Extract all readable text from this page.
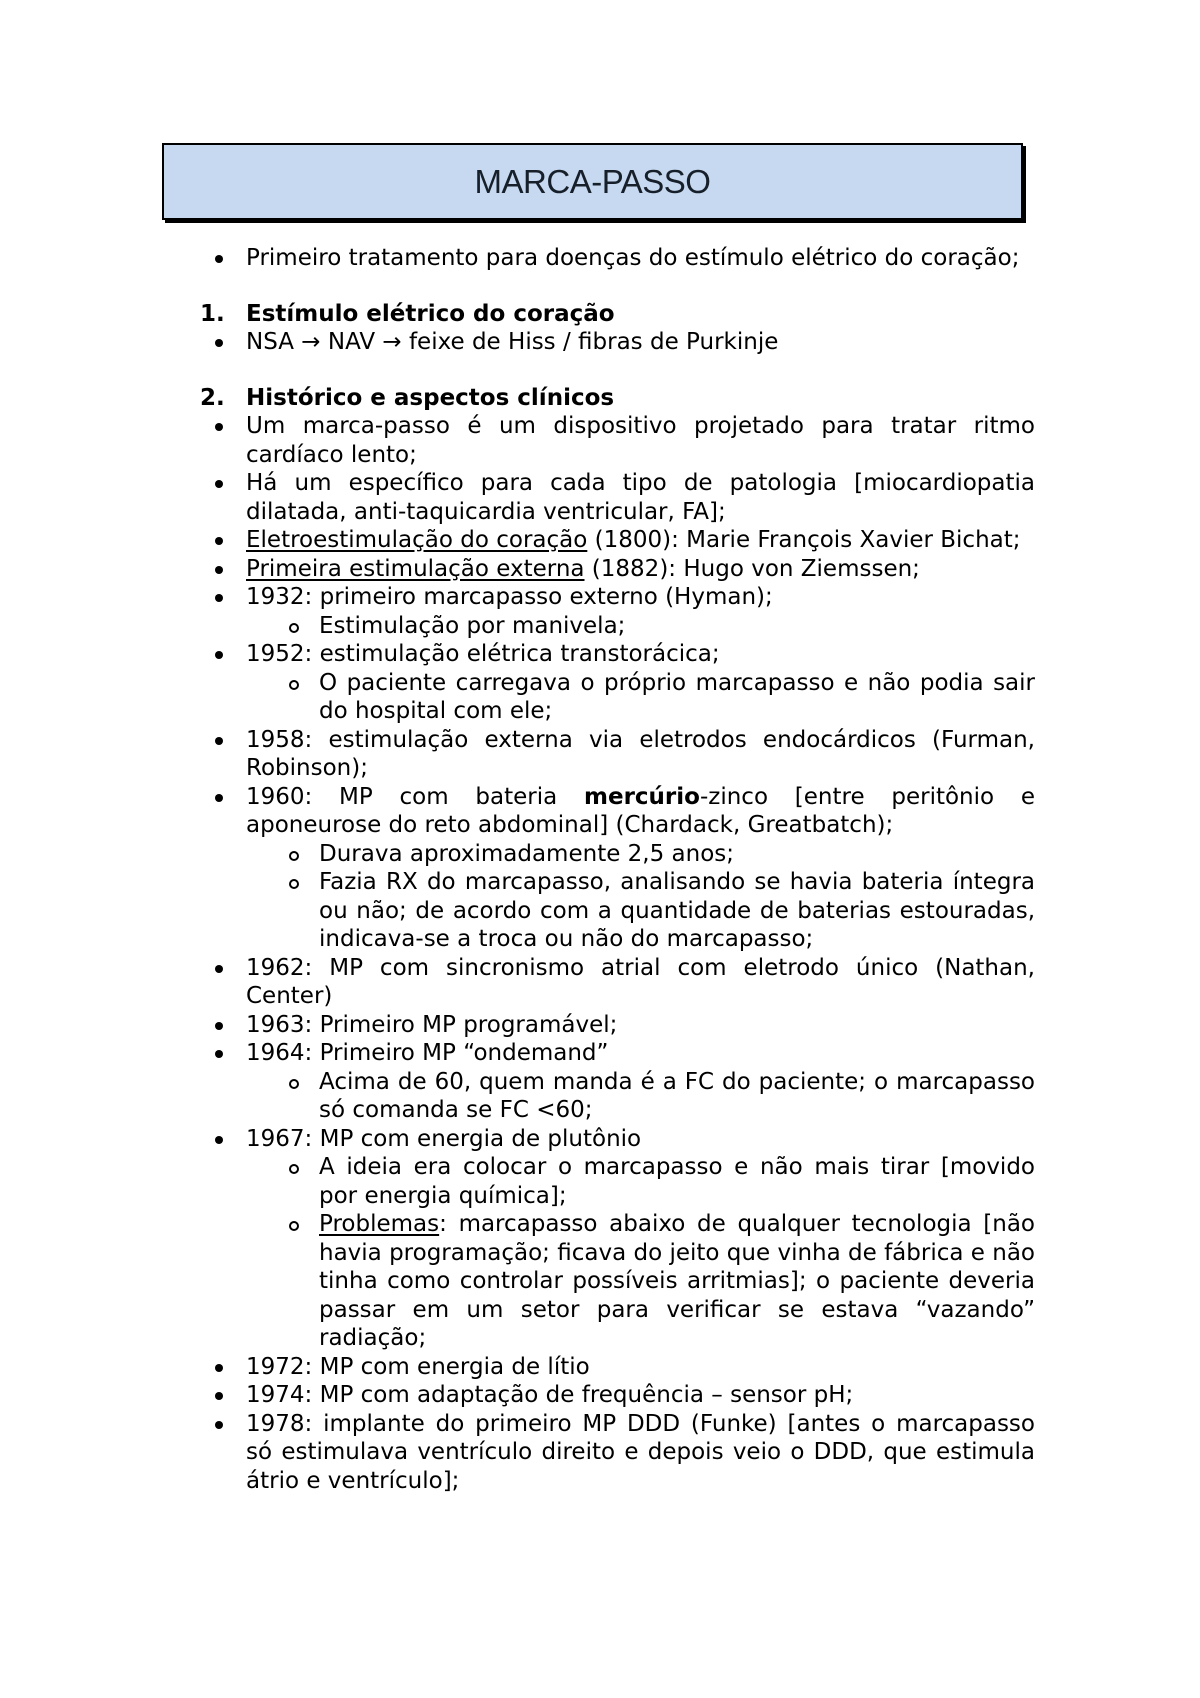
MARCA-PASSO
Primeiro tratamento para doenças do estímulo elétrico do coração;
1. Estímulo elétrico do coração
NSA → NAV → feixe de Hiss / fibras de Purkinje
2. Histórico e aspectos clínicos
Um marca-passo é um dispositivo projetado para tratar ritmo cardíaco lento;
Há um específico para cada tipo de patologia [miocardiopatia dilatada, anti-taquicardia ventricular, FA];
Eletroestimulação do coração (1800): Marie François Xavier Bichat;
Primeira estimulação externa (1882): Hugo von Ziemssen;
1932: primeiro marcapasso externo (Hyman);
Estimulação por manivela;
1952: estimulação elétrica transtorácica;
O paciente carregava o próprio marcapasso e não podia sair do hospital com ele;
1958: estimulação externa via eletrodos endocárdicos (Furman, Robinson);
1960: MP com bateria mercúrio-zinco [entre peritônio e aponeurose do reto abdominal] (Chardack, Greatbatch);
Durava aproximadamente 2,5 anos;
Fazia RX do marcapasso, analisando se havia bateria íntegra ou não; de acordo com a quantidade de baterias estouradas, indicava-se a troca ou não do marcapasso;
1962: MP com sincronismo atrial com eletrodo único (Nathan, Center)
1963: Primeiro MP programável;
1964: Primeiro MP “ondemand”
Acima de 60, quem manda é a FC do paciente; o marcapasso só comanda se FC <60;
1967: MP com energia de plutônio
A ideia era colocar o marcapasso e não mais tirar [movido por energia química];
Problemas: marcapasso abaixo de qualquer tecnologia [não havia programação; ficava do jeito que vinha de fábrica e não tinha como controlar possíveis arritmias]; o paciente deveria passar em um setor para verificar se estava “vazando” radiação;
1972: MP com energia de lítio
1974: MP com adaptação de frequência – sensor pH;
1978: implante do primeiro MP DDD (Funke) [antes o marcapasso só estimulava ventrículo direito e depois veio o DDD, que estimula átrio e ventrículo];
